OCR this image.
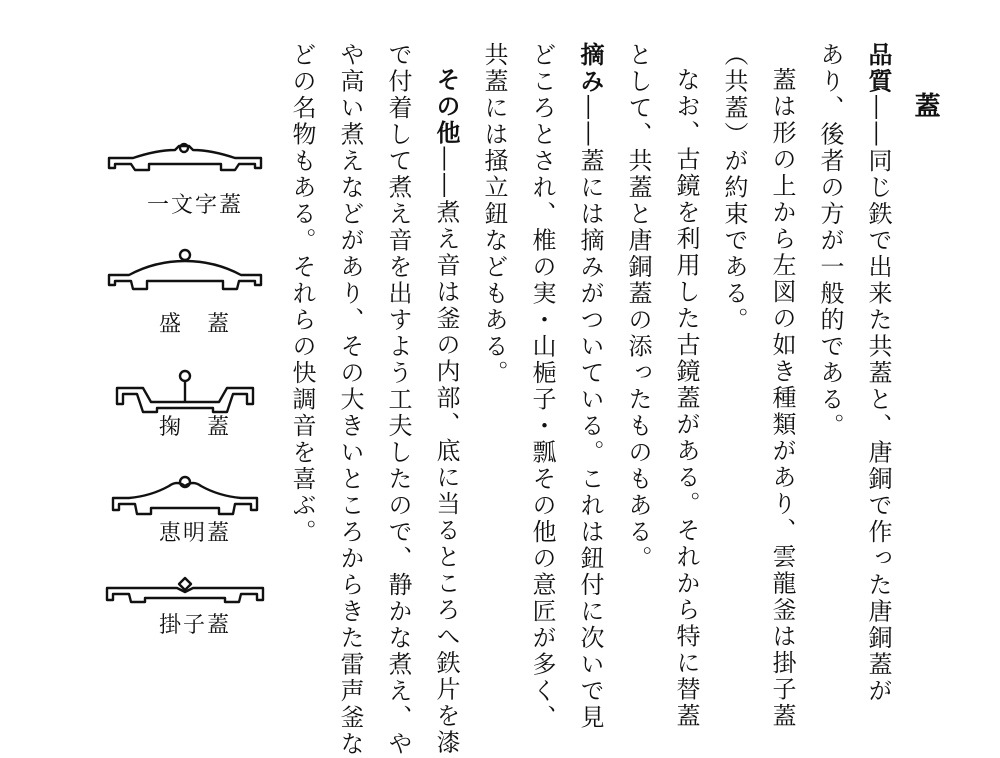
蓋
品質――同じ鉄で出来た共蓋と、唐銅で作った唐銅蓋が
あり、後者の方が一般的である。
蓋は形の上から左図の如き種類があり、雲龍釜は掛子蓋
（共蓋）が約束である。
なお、古鏡を利用した古鏡蓋がある。それから特に替蓋
として、共蓋と唐銅蓋の添ったものもある。
摘み――蓋には摘みがついている。これは鈕付に次いで見
どころとされ、椎の実・山梔子・瓢その他の意匠が多く、
共蓋には掻立鈕などもある。
その他――煮え音は釜の内部、底に当るところへ鉄片を漆
で付着して煮え音を出すよう工夫したので、静かな煮え、や
や高い煮えなどがあり、その大きいところからきた雷声釜な
どの名物もある。それらの快調音を喜ぶ。
一文字蓋
盛　蓋
掬　蓋
恵明蓋
掛子蓋
